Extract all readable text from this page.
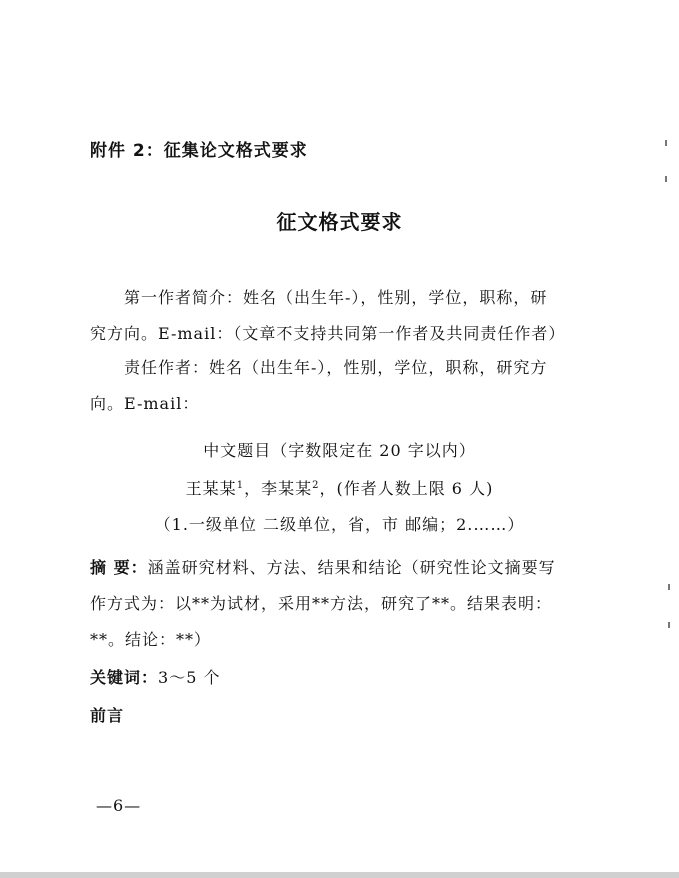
附件 2：征集论文格式要求
征文格式要求
第一作者简介：姓名（出生年-），性别，学位，职称，研
究方向。E-mail：（文章不支持共同第一作者及共同责任作者）
责任作者：姓名（出生年-），性别，学位，职称，研究方
向。E-mail：
中文题目（字数限定在 20 字以内）
王某某$^1$，李某某$^2$，(作者人数上限 6 人)
（1.一级单位 二级单位，省，市 邮编；2.……）
摘 要：涵盖研究材料、方法、结果和结论（研究性论文摘要写
作方式为：以**为试材，采用**方法，研究了**。结果表明：
**。结论：**）
关键词：3～5 个
前言
—6—
